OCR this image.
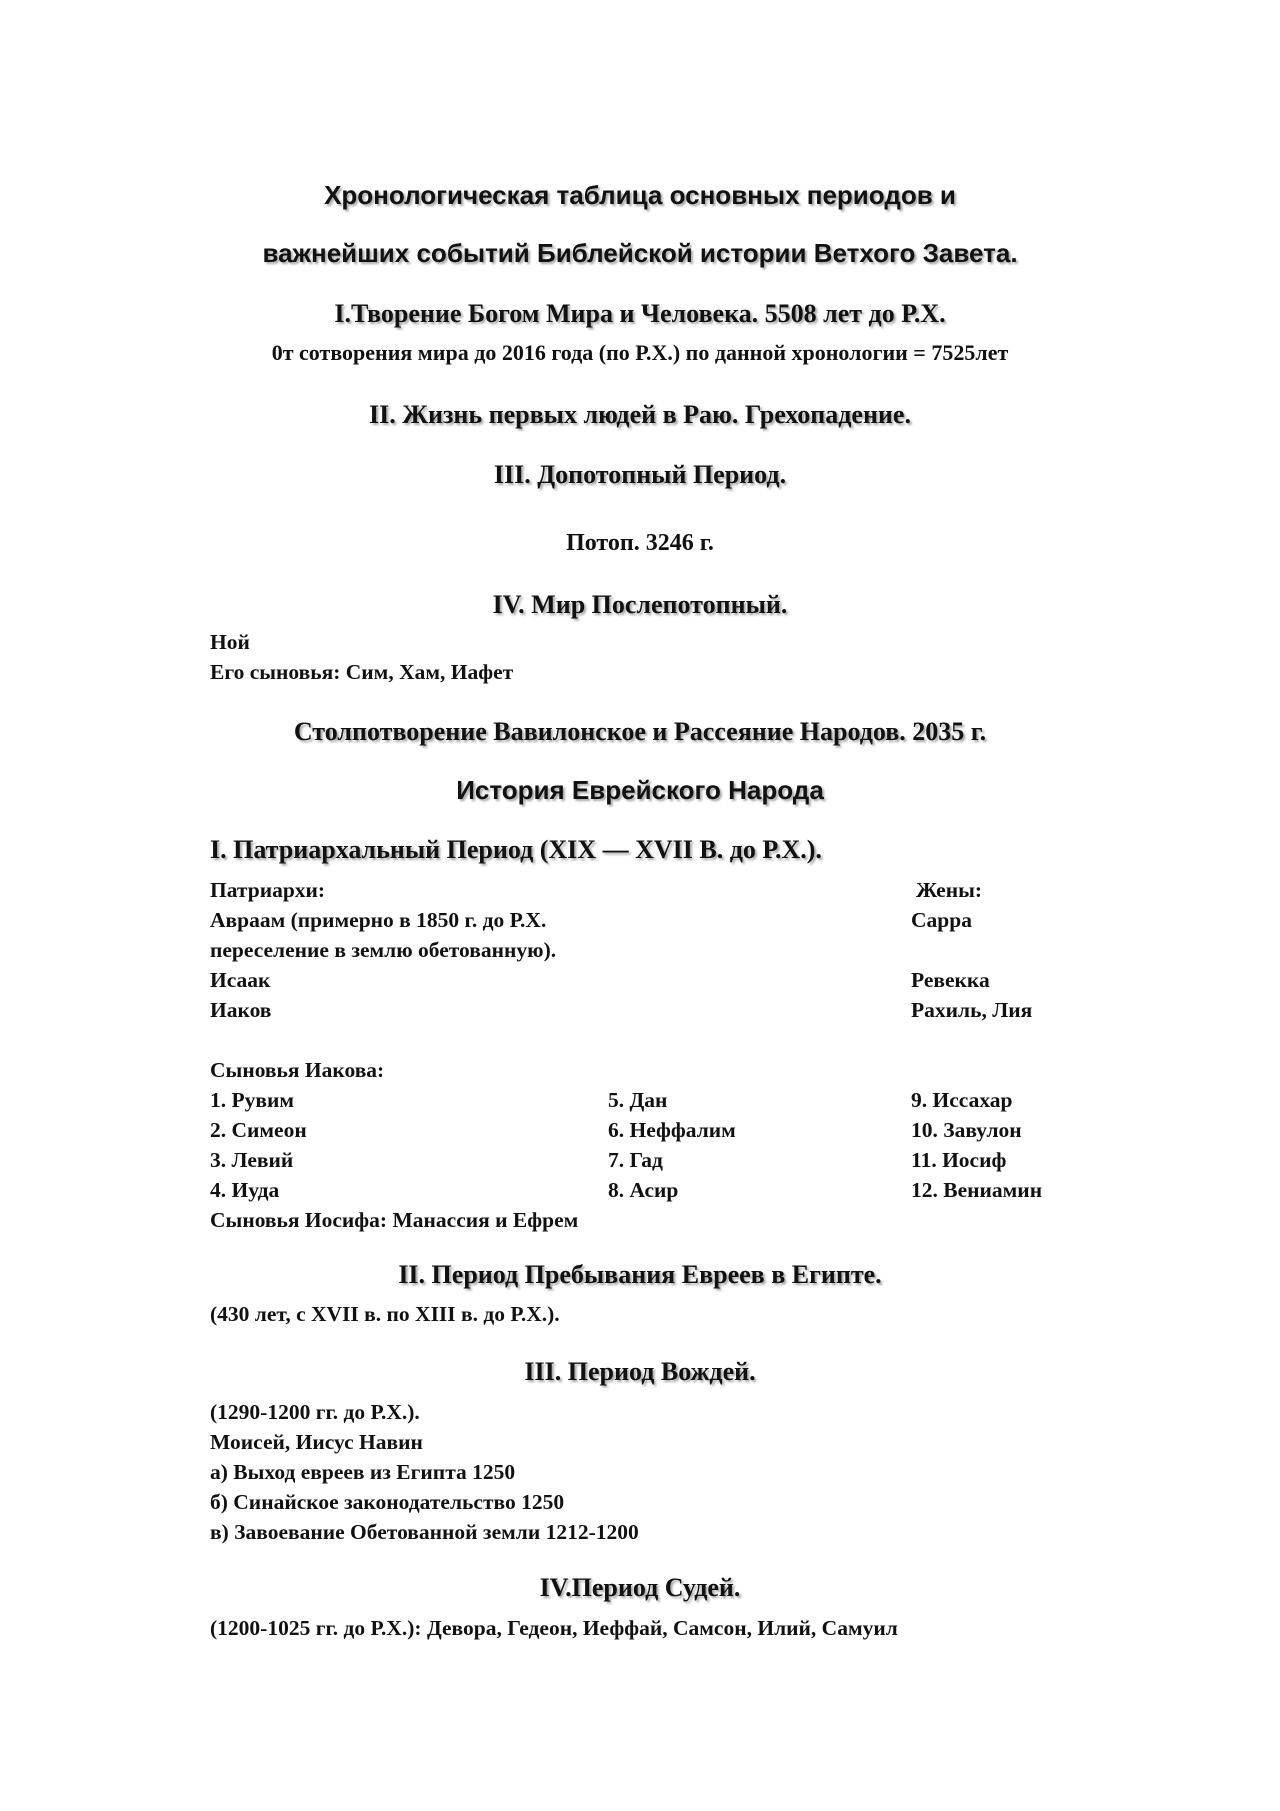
Хронологическая таблица основных периодов и
важнейших событий Библейской истории Ветхого Завета.
I.Творение Богом Мира и Человека. 5508 лет до Р.Х.
0т сотворения мира до 2016 года (по Р.Х.) по данной хронологии = 7525лет
II. Жизнь первых людей в Раю. Грехопадение.
III. Допотопный Период.
Потоп. 3246 г.
IV. Мир Послепотопный.
Ной
Его сыновья: Сим, Хам, Иафет
Столпотворение Вавилонское и Рассеяние Народов. 2035 г.
История Еврейского Народа
I. Патриархальный Период (XIX — XVII В. до Р.Х.).
Патриархи:	Жены:
Авраам (примерно в 1850 г. до Р.Х.	Сарра
переселение в землю обетованную).
Исаак	Ревекка
Иаков	Рахиль, Лия
Сыновья Иакова:
1. Рувим	5. Дан	9. Иссахар
2. Симеон	6. Неффалим	10. Завулон
3. Левий	7. Гад	11. Иосиф
4. Иуда	8. Асир	12. Вениамин
Сыновья Иосифа: Манассия и Ефрем
II. Период Пребывания Евреев в Египте.
(430 лет, с XVII в. по XIII в. до Р.Х.).
III. Период Вождей.
(1290-1200 гг. до Р.Х.).
Моисей, Иисус Навин
а) Выход евреев из Египта 1250
б) Синайское законодательство 1250
в) Завоевание Обетованной земли 1212-1200
IV.Период Судей.
(1200-1025 гг. до Р.Х.): Девора, Гедеон, Иеффай, Самсон, Илий, Самуил
